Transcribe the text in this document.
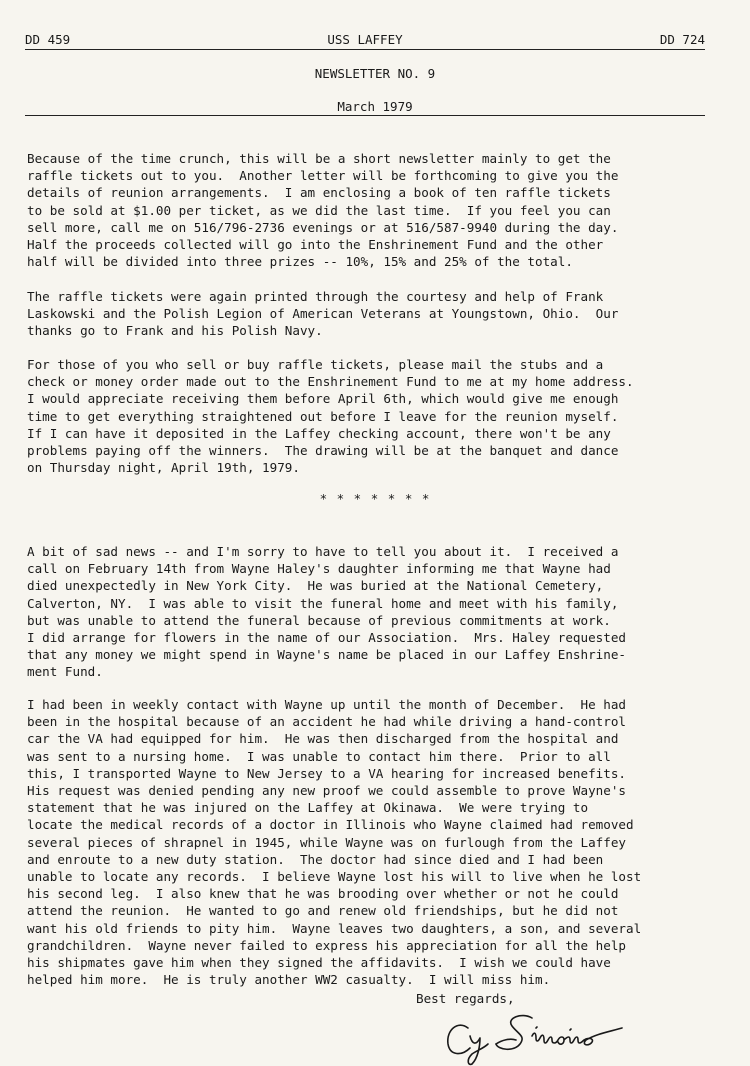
DD 459	USS LAFFEY	DD 724
NEWSLETTER NO. 9
March 1979
Because of the time crunch, this will be a short newsletter mainly to get the
raffle tickets out to you.  Another letter will be forthcoming to give you the
details of reunion arrangements.  I am enclosing a book of ten raffle tickets
to be sold at $1.00 per ticket, as we did the last time.  If you feel you can
sell more, call me on 516/796-2736 evenings or at 516/587-9940 during the day.
Half the proceeds collected will go into the Enshrinement Fund and the other
half will be divided into three prizes -- 10%, 15% and 25% of the total.
The raffle tickets were again printed through the courtesy and help of Frank
Laskowski and the Polish Legion of American Veterans at Youngstown, Ohio.  Our
thanks go to Frank and his Polish Navy.
For those of you who sell or buy raffle tickets, please mail the stubs and a
check or money order made out to the Enshrinement Fund to me at my home address.
I would appreciate receiving them before April 6th, which would give me enough
time to get everything straightened out before I leave for the reunion myself.
If I can have it deposited in the Laffey checking account, there won't be any
problems paying off the winners.  The drawing will be at the banquet and dance
on Thursday night, April 19th, 1979.
* * * * * * *
A bit of sad news -- and I'm sorry to have to tell you about it.  I received a
call on February 14th from Wayne Haley's daughter informing me that Wayne had
died unexpectedly in New York City.  He was buried at the National Cemetery,
Calverton, NY.  I was able to visit the funeral home and meet with his family,
but was unable to attend the funeral because of previous commitments at work.
I did arrange for flowers in the name of our Association.  Mrs. Haley requested
that any money we might spend in Wayne's name be placed in our Laffey Enshrine-
ment Fund.
I had been in weekly contact with Wayne up until the month of December.  He had
been in the hospital because of an accident he had while driving a hand-control
car the VA had equipped for him.  He was then discharged from the hospital and
was sent to a nursing home.  I was unable to contact him there.  Prior to all
this, I transported Wayne to New Jersey to a VA hearing for increased benefits.
His request was denied pending any new proof we could assemble to prove Wayne's
statement that he was injured on the Laffey at Okinawa.  We were trying to
locate the medical records of a doctor in Illinois who Wayne claimed had removed
several pieces of shrapnel in 1945, while Wayne was on furlough from the Laffey
and enroute to a new duty station.  The doctor had since died and I had been
unable to locate any records.  I believe Wayne lost his will to live when he lost
his second leg.  I also knew that he was brooding over whether or not he could
attend the reunion.  He wanted to go and renew old friendships, but he did not
want his old friends to pity him.  Wayne leaves two daughters, a son, and several
grandchildren.  Wayne never failed to express his appreciation for all the help
his shipmates gave him when they signed the affidavits.  I wish we could have
helped him more.  He is truly another WW2 casualty.  I will miss him.
Best regards,
